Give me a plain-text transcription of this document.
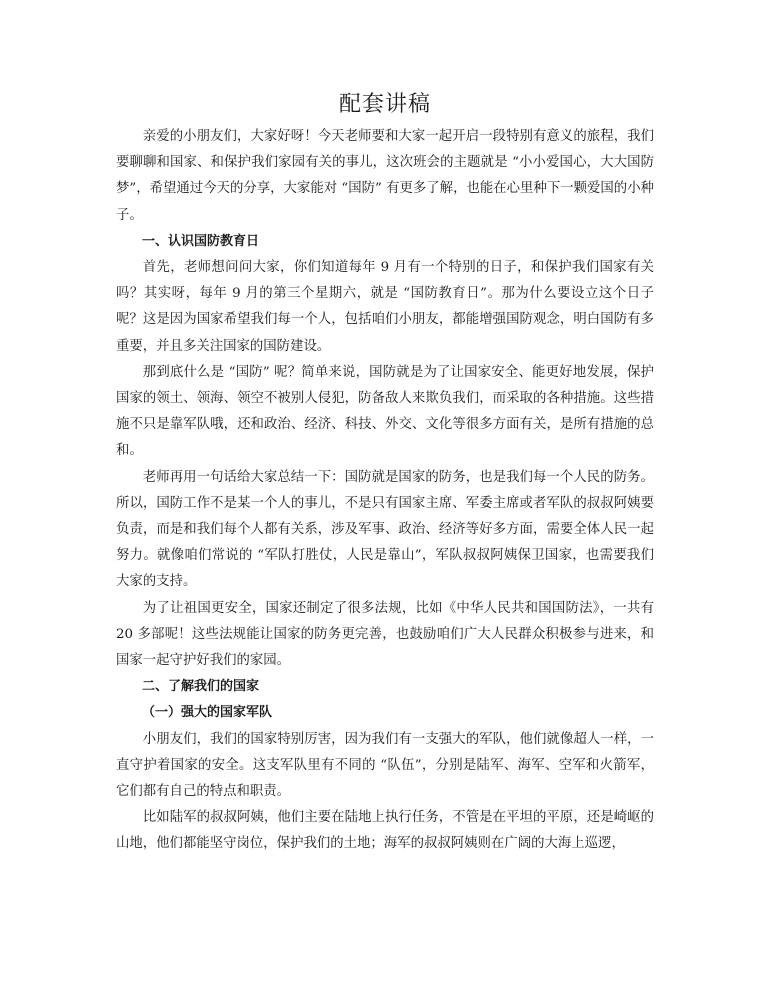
配套讲稿

亲爱的小朋友们，大家好呀！今天老师要和大家一起开启一段特别有意义的旅程，我们要聊聊和国家、和保护我们家园有关的事儿，这次班会的主题就是 “小小爱国心，大大国防梦”，希望通过今天的分享，大家能对 “国防” 有更多了解，也能在心里种下一颗爱国的小种子。

一、认识国防教育日

首先，老师想问问大家，你们知道每年 9 月有一个特别的日子，和保护我们国家有关吗？其实呀，每年 9 月的第三个星期六，就是 “国防教育日”。那为什么要设立这个日子呢？这是因为国家希望我们每一个人，包括咱们小朋友，都能增强国防观念，明白国防有多重要，并且多关注国家的国防建设。

那到底什么是 “国防” 呢？简单来说，国防就是为了让国家安全、能更好地发展，保护国家的领土、领海、领空不被别人侵犯，防备敌人来欺负我们，而采取的各种措施。这些措施不只是靠军队哦，还和政治、经济、科技、外交、文化等很多方面有关，是所有措施的总和。

老师再用一句话给大家总结一下：国防就是国家的防务，也是我们每一个人民的防务。所以，国防工作不是某一个人的事儿，不是只有国家主席、军委主席或者军队的叔叔阿姨要负责，而是和我们每个人都有关系，涉及军事、政治、经济等好多方面，需要全体人民一起努力。就像咱们常说的 “军队打胜仗，人民是靠山”，军队叔叔阿姨保卫国家，也需要我们大家的支持。

为了让祖国更安全，国家还制定了很多法规，比如《中华人民共和国国防法》，一共有 20 多部呢！这些法规能让国家的防务更完善，也鼓励咱们广大人民群众积极参与进来，和国家一起守护好我们的家园。

二、了解我们的国家

（一）强大的国家军队

小朋友们，我们的国家特别厉害，因为我们有一支强大的军队，他们就像超人一样，一直守护着国家的安全。这支军队里有不同的 “队伍”，分别是陆军、海军、空军和火箭军，它们都有自己的特点和职责。

比如陆军的叔叔阿姨，他们主要在陆地上执行任务，不管是在平坦的平原，还是崎岖的山地，他们都能坚守岗位，保护我们的土地；海军的叔叔阿姨则在广阔的大海上巡逻，
